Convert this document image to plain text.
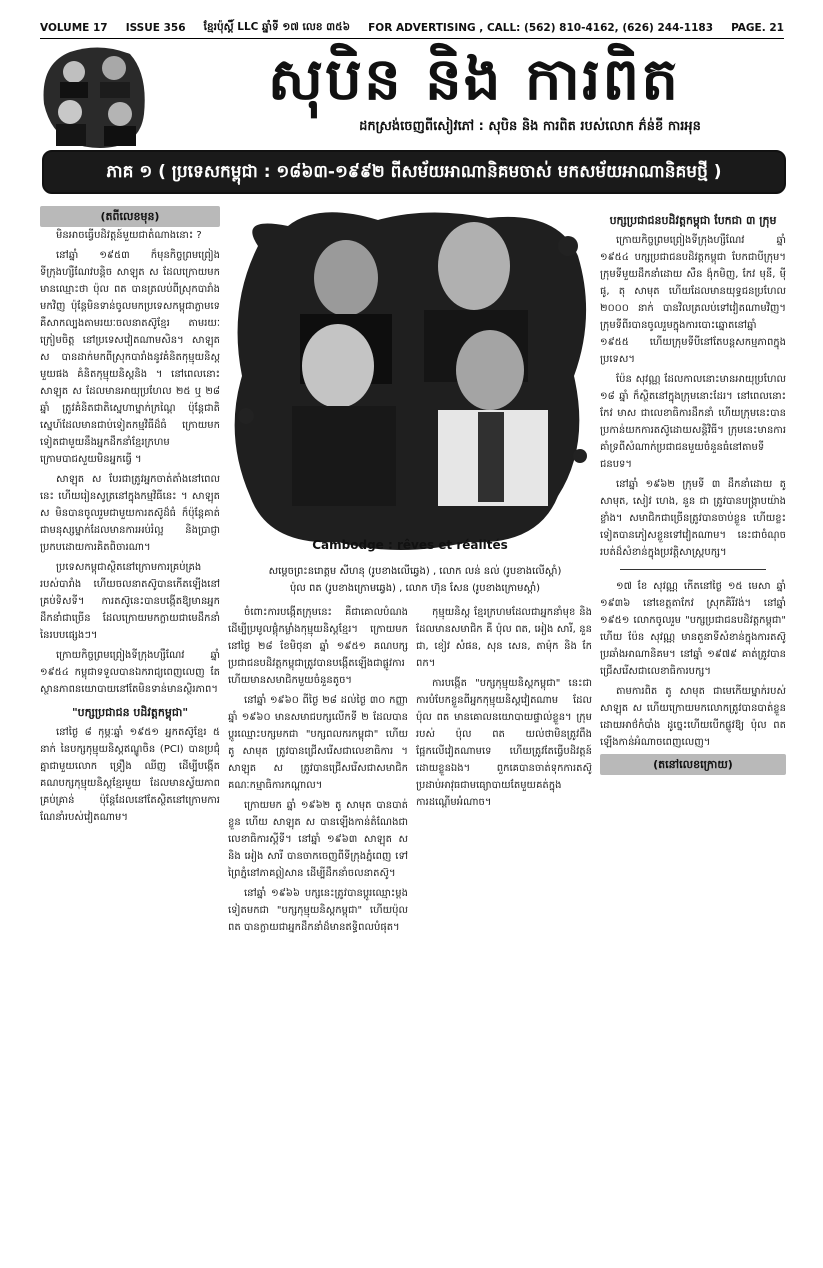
VOLUME 17 ISSUE 356 ខ្មែរប៉ុស្តិ៍ LLC ឆ្នាំទី ១៧ លេខ ៣៥៦ FOR ADVERTISING , CALL: (562) 810-4162, (626) 244-1183 PAGE. 21
សុបិន និង ការពិត
ដកស្រង់ចេញពីសៀវភៅ : សុបិន និង ការពិត របស់លោក ភ៌ន់ខី ការអុន
ភាគ ១ ( ប្រទេសកម្ពុជា : ១៨៦៣-១៩៩២ ពីសម័យអាណានិគមចាស់ មកសម័យអាណានិគមថ្មី )
(តពីលេខមុន)

មិនអាចធ្វើបដិវត្តន៍មួយជាតំណាងនោះ ?

នៅឆ្នាំ ១៩៥៣ ក៏មុនកិច្ចព្រមព្រៀងទីក្រុងហ្សឺណែវបន្តិច សាឡុត ស ដែលក្រោយមកមានឈ្មោះថា ប៉ុល ពត បានត្រលប់ពីស្រុកបារាំងមកវិញ ប៉ុន្តែមិនទាន់ចូលមកប្រទេសកម្ពុជាភ្លាមទេ គឺសាកល្បងតាមរយៈចលនាតស៊ូខ្មែរ តាមរយៈ ក្រៀមចិត្ត នៅប្រទេសវៀតណាមសិន។ សាឡុត ស បានដាក់មកពីស្រុកបារាំងនូវគំនិតកុម្មុយនិស្តមួយផង គំនិតកុម្មុយនិស្តនិង ។ នៅពេលនោះ សាឡុត ស ដែលមានអាយុប្រហែល ២៥ ឬ ២៨ ឆ្នាំ ត្រូវគំនិតជាតិស្នេហាម្នាក់ក្រណ្តៃ ប៉ុន្តែជាតិស្នេហ៍ដែលមានជាប់ទៀតកម្មវិធីដ៏ធំ ក្រោយមកទៀតជាមួយនឹងអ្នកដឹកនាំខ្មែរក្រហម ក្រោមបាជសួយមិនអ្នកធ្វើ ។

សាឡុត ស បែរជាត្រូវអ្នកចាត់តាំងនៅពេលនេះ ហើយរៀនសូត្រនៅក្នុងកម្មវិធីនេះ ។ សាឡុត ស មិនបានចូលរួមជាមួយការតស៊ូដ៏ធំ ក៏ប៉ុន្តែគាត់ជាមនុស្សម្នាក់ដែលមានការអប់រំល្អ និងប្រាជ្ញាប្រកបដោយការគិតពិចារណា។

ប្រទេសកម្ពុជាស្ថិតនៅក្រោមការគ្រប់គ្រងរបស់បារាំង ហើយចលនាតស៊ូបានកើតឡើងនៅគ្រប់ទិសទី។ ការតស៊ូនេះបានបង្កើតឱ្យមានអ្នកដឹកនាំជាច្រើន ដែលក្រោយមកក្លាយជាមេដឹកនាំនៃរបបផ្សេងៗ។

ក្រោយកិច្ចព្រមព្រៀងទីក្រុងហ្សឺណែវ ឆ្នាំ ១៩៥៤ កម្ពុជាទទួលបានឯករាជ្យពេញលេញ តែស្ថានភាពនយោបាយនៅតែមិនទាន់មានស្ថិរភាព។

"បក្សប្រជាជន បដិវត្តកម្ពុជា"

នៅថ្ងៃ ៨ កុម្ភៈឆ្នាំ ១៩៥១ អ្នកតស៊ូខ្មែរ ៥ នាក់ នៃបក្សកុម្មុយនិស្តឥណ្ឌូចិន (PCI) បានប្រជុំគ្នាជាមួយលោក ទ្រឿង ឈីញ ដើម្បីបង្កើតគណបក្សកុម្មុយនិស្តខ្មែរមួយ ដែលមានស្វ័យភាពគ្រប់គ្រាន់ ប៉ុន្តែដែលនៅតែស្ថិតនៅក្រោមការណែនាំរបស់វៀតណាម។

Cambodge : rêves et réalités
សម្តេចព្រះនរោត្តម សីហនុ (រូបខាងលើឆ្វេង) , លោក លន់ នល់ (រូបខាងលើស្តាំ)
ប៉ុល ពត (រូបខាងក្រោមឆ្វេង) , លោក ហ៊ុន សែន (រូបខាងក្រោមស្តាំ)

ចំពោះការបង្កើតក្រុមនេះ គឺជាគោលបំណងដើម្បីប្រមូលផ្តុំកម្លាំងកុម្មុយនិស្តខ្មែរ។ ក្រោយមកនៅថ្ងៃ ២៨ ខែមិថុនា ឆ្នាំ ១៩៥១ គណបក្សប្រជាជនបដិវត្តកម្ពុជាត្រូវបានបង្កើតឡើងជាផ្លូវការ ហើយមានសមាជិកមួយចំនួនតូច។

នៅឆ្នាំ ១៩៦០ ពីថ្ងៃ ២៨ ដល់ថ្ងៃ ៣០ កញ្ញា ឆ្នាំ ១៩៦០ មានសមាជបក្សលើកទី ២ ដែលបានប្តូរឈ្មោះបក្សមកជា "បក្សពលករកម្ពុជា" ហើយ តូ សាមុត ត្រូវបានជ្រើសរើសជាលេខាធិការ ។ សាឡុត ស ត្រូវបានជ្រើសរើសជាសមាជិកគណៈកម្មាធិការកណ្តាល។

ក្រោយមក ឆ្នាំ ១៩៦២ តូ សាមុត បានបាត់ខ្លួន ហើយ សាឡុត ស បានឡើងកាន់តំណែងជាលេខាធិការស្តីទី។ នៅឆ្នាំ ១៩៦៣ សាឡុត ស និង អៀង សារី បានចាកចេញពីទីក្រុងភ្នំពេញ ទៅព្រៃភ្នំនៅភាគឦសាន ដើម្បីដឹកនាំចលនាតស៊ូ។

នៅឆ្នាំ ១៩៦៦ បក្សនេះត្រូវបានប្តូរឈ្មោះម្តងទៀតមកជា "បក្សកុម្មុយនិស្តកម្ពុជា" ហើយប៉ុល ពត បានក្លាយជាអ្នកដឹកនាំដ៏មានឥទ្ធិពលបំផុត។

កុម្មុយនិស្ត ខ្មែរក្រហមដែលជាអ្នកនាំមុខ និងដែលមានសមាជិក គឺ ប៉ុល ពត, អៀង សារី, នួន ជា, ខៀវ សំផន, សុន សេន, តាម៉ុក និង កែ ពក។

ការបង្កើត "បក្សកុម្មុយនិស្តកម្ពុជា" នេះជាការបំបែកខ្លួនពីអ្នកកុម្មុយនិស្តវៀតណាម ដែលប៉ុល ពត មានគោលនយោបាយផ្ទាល់ខ្លួន។ ក្រុមរបស់ ប៉ុល ពត យល់ថាមិនត្រូវពឹងផ្អែកលើវៀតណាមទេ ហើយត្រូវតែធ្វើបដិវត្តន៍ដោយខ្លួនឯង។ ពួកគេបានចាត់ទុកការតស៊ូប្រដាប់អាវុធជាមធ្យោបាយតែមួយគត់ក្នុងការដណ្តើមអំណាច។

បក្សប្រជាជនបដិវត្តកម្ពុជា បែកជា ៣ ក្រុម

ក្រោយកិច្ចព្រមព្រៀងទីក្រុងហ្សឺណែវ ឆ្នាំ ១៩៥៤ បក្សប្រជាជនបដិវត្តកម្ពុជា បែកជាបីក្រុម។ ក្រុមទីមួយដឹកនាំដោយ សឺន ង៉ុកមិញ, កែវ មុនី, ម៉ី ផូ, តុ សាមុត ហើយដែលមានយុទ្ធជនប្រហែល ២០០០ នាក់ បានវិលត្រលប់ទៅវៀតណាមវិញ។ ក្រុមទីពីរបានចូលរួមក្នុងការបោះឆ្នោតនៅឆ្នាំ ១៩៥៥ ហើយក្រុមទីបីនៅតែបន្តសកម្មភាពក្នុងប្រទេស។

ប៉ែន សុវណ្ណ ដែលកាលនោះមានអាយុប្រហែល ១៨ ឆ្នាំ ក៏ស្ថិតនៅក្នុងក្រុមនោះដែរ។ នៅពេលនោះ កែវ មាស ជាលេខាធិការដឹកនាំ ហើយក្រុមនេះបានប្រកាន់យកការតស៊ូដោយសន្តិវិធី។ ក្រុមនេះមានការគាំទ្រពីសំណាក់ប្រជាជនមួយចំនួនធំនៅតាមទីជនបទ។

នៅឆ្នាំ ១៩៦២ ក្រុមទី ៣ ដឹកនាំដោយ តូ សាមុត, សៀវ ហេង, នួន ជា ត្រូវបានបង្ក្រាបយ៉ាងខ្លាំង។ សមាជិកជាច្រើនត្រូវបានចាប់ខ្លួន ហើយខ្លះទៀតបានភៀសខ្លួនទៅវៀតណាម។ នេះជាចំណុចរបត់ដ៏សំខាន់ក្នុងប្រវត្តិសាស្ត្របក្ស។

១៧ ខែ សុវណ្ណ កើតនៅថ្ងៃ ១៥ មេសា ឆ្នាំ ១៩៣៦ នៅខេត្តតាកែវ ស្រុកគិរីវង់។ នៅឆ្នាំ ១៩៥១ លោកចូលរួម "បក្សប្រជាជនបដិវត្តកម្ពុជា" ហើយ ប៉ែន សុវណ្ណ មានតួនាទីសំខាន់ក្នុងការតស៊ូប្រឆាំងអាណានិគម។ នៅឆ្នាំ ១៩៧៩ គាត់ត្រូវបានជ្រើសរើសជាលេខាធិការបក្ស។

តាមការពិត តូ សាមុត ជាមេកើយម្នាក់របស់ សាឡុត ស ហើយក្រោយមកលោកត្រូវបានបាត់ខ្លួនដោយអាថ៌កំបាំង ដូច្នេះហើយបើកផ្លូវឱ្យ ប៉ុល ពត ឡើងកាន់អំណាចពេញលេញ។

(តនៅលេខក្រោយ)
